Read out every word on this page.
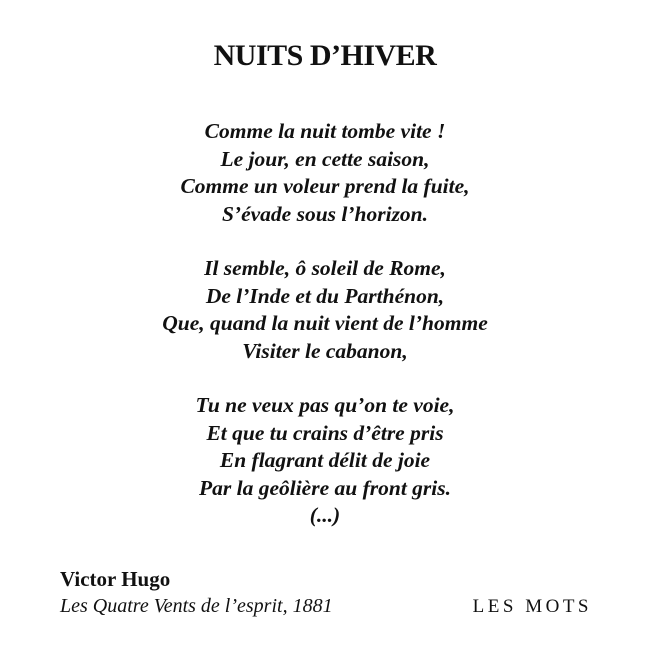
NUITS D’HIVER
Comme la nuit tombe vite !
Le jour, en cette saison,
Comme un voleur prend la fuite,
S’évade sous l’horizon.
Il semble, ô soleil de Rome,
De l’Inde et du Parthénon,
Que, quand la nuit vient de l’homme
Visiter le cabanon,
Tu ne veux pas qu’on te voie,
Et que tu crains d’être pris
En flagrant délit de joie
Par la geôlière au front gris.
(...)
Victor Hugo
Les Quatre Vents de l’esprit, 1881	LES MOTS
